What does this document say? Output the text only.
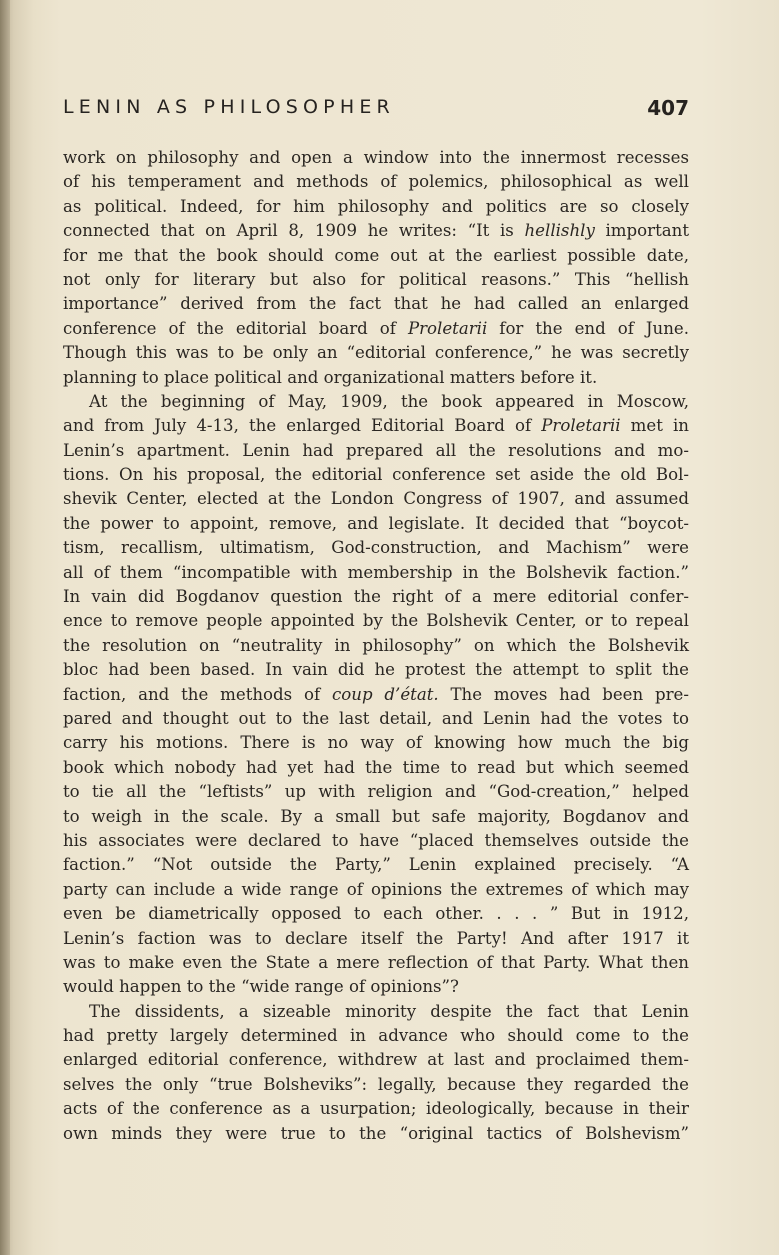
LENIN AS PHILOSOPHER	407
work on philosophy and open a window into the innermost recesses
of his temperament and methods of polemics, philosophical as well
as political. Indeed, for him philosophy and politics are so closely
connected that on April 8, 1909 he writes: “It is hellishly important
for me that the book should come out at the earliest possible date,
not only for literary but also for political reasons.” This “hellish
importance” derived from the fact that he had called an enlarged
conference of the editorial board of Proletarii for the end of June.
Though this was to be only an “editorial conference,” he was secretly
planning to place political and organizational matters before it.
At the beginning of May, 1909, the book appeared in Moscow,
and from July 4-13, the enlarged Editorial Board of Proletarii met in
Lenin’s apartment. Lenin had prepared all the resolutions and mo-
tions. On his proposal, the editorial conference set aside the old Bol-
shevik Center, elected at the London Congress of 1907, and assumed
the power to appoint, remove, and legislate. It decided that “boycot-
tism, recallism, ultimatism, God-construction, and Machism” were
all of them “incompatible with membership in the Bolshevik faction.”
In vain did Bogdanov question the right of a mere editorial confer-
ence to remove people appointed by the Bolshevik Center, or to repeal
the resolution on “neutrality in philosophy” on which the Bolshevik
bloc had been based. In vain did he protest the attempt to split the
faction, and the methods of coup d’état. The moves had been pre-
pared and thought out to the last detail, and Lenin had the votes to
carry his motions. There is no way of knowing how much the big
book which nobody had yet had the time to read but which seemed
to tie all the “leftists” up with religion and “God-creation,” helped
to weigh in the scale. By a small but safe majority, Bogdanov and
his associates were declared to have “placed themselves outside the
faction.” “Not outside the Party,” Lenin explained precisely. “A
party can include a wide range of opinions the extremes of which may
even be diametrically opposed to each other. . . . ” But in 1912,
Lenin’s faction was to declare itself the Party! And after 1917 it
was to make even the State a mere reflection of that Party. What then
would happen to the “wide range of opinions”?
The dissidents, a sizeable minority despite the fact that Lenin
had pretty largely determined in advance who should come to the
enlarged editorial conference, withdrew at last and proclaimed them-
selves the only “true Bolsheviks”: legally, because they regarded the
acts of the conference as a usurpation; ideologically, because in their
own minds they were true to the “original tactics of Bolshevism”
